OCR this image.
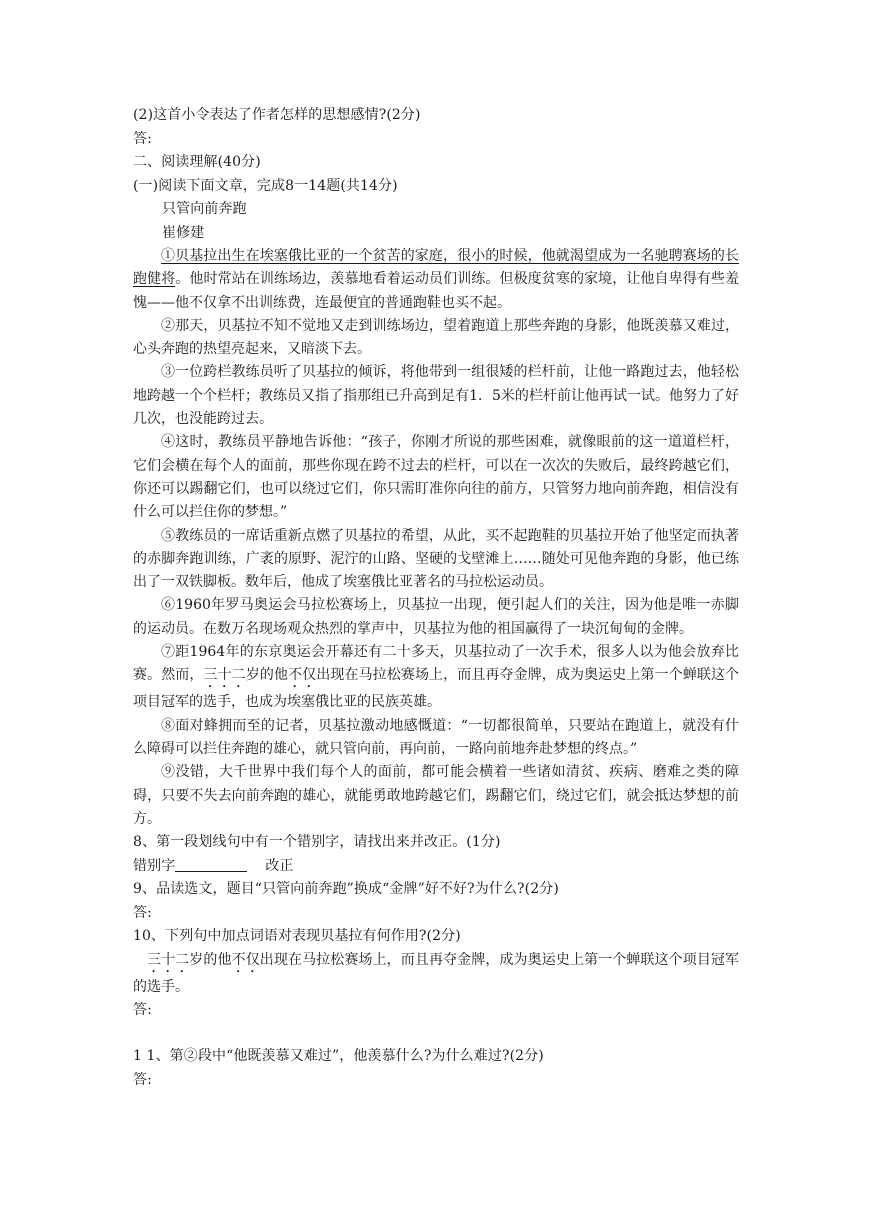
(2)这首小令表达了作者怎样的思想感情?(2分)
答:
二、阅读理解(40分)
(一)阅读下面文章，完成8一14题(共14分)
只管向前奔跑
崔修建
①贝基拉出生在埃塞俄比亚的一个贫苦的家庭，很小的时候，他就渴望成为一名驰聘赛场的长跑健将。他时常站在训练场边，羡慕地看着运动员们训练。但极度贫寒的家境，让他自卑得有些羞愧——他不仅拿不出训练费，连最便宜的普通跑鞋也买不起。
②那天，贝基拉不知不觉地又走到训练场边，望着跑道上那些奔跑的身影，他既羡慕又难过，心头奔跑的热望亮起来，又暗淡下去。
③一位跨栏教练员听了贝基拉的倾诉，将他带到一组很矮的栏杆前，让他一路跑过去，他轻松地跨越一个个栏杆；教练员又指了指那组已升高到足有1．5米的栏杆前让他再试一试。他努力了好几次，也没能跨过去。
④这时，教练员平静地告诉他：“孩子，你刚才所说的那些困难，就像眼前的这一道道栏杆，它们会横在每个人的面前，那些你现在跨不过去的栏杆，可以在一次次的失败后，最终跨越它们，你还可以踢翻它们，也可以绕过它们，你只需盯准你向往的前方，只管努力地向前奔跑，相信没有什么可以拦住你的梦想。”
⑤教练员的一席话重新点燃了贝基拉的希望，从此，买不起跑鞋的贝基拉开始了他坚定而执著的赤脚奔跑训练，广袤的原野、泥泞的山路、坚硬的戈壁滩上……随处可见他奔跑的身影，他已练出了一双铁脚板。数年后，他成了埃塞俄比亚著名的马拉松运动员。
⑥1960年罗马奥运会马拉松赛场上，贝基拉一出现，便引起人们的关注，因为他是唯一赤脚的运动员。在数万名现场观众热烈的掌声中，贝基拉为他的祖国赢得了一块沉甸甸的金牌。
⑦距1964年的东京奥运会开幕还有二十多天，贝基拉动了一次手术，很多人以为他会放弃比赛。然而，三十二岁的他不仅出现在马拉松赛场上，而且再夺金牌，成为奥运史上第一个蝉联这个项目冠军的选手，也成为埃塞俄比亚的民族英雄。
⑧面对蜂拥而至的记者，贝基拉激动地感慨道：“一切都很简单，只要站在跑道上，就没有什么障碍可以拦住奔跑的雄心，就只管向前，再向前，一路向前地奔赴梦想的终点。”
⑨没错，大千世界中我们每个人的面前，都可能会横着一些诸如清贫、疾病、磨难之类的障碍，只要不失去向前奔跑的雄心，就能勇敢地跨越它们，踢翻它们，绕过它们，就会抵达梦想的前方。
8、第一段划线句中有一个错别字，请找出来并改正。(1分)
错别字	改正
9、品读选文，题目“只管向前奔跑”换成“金牌”好不好?为什么?(2分)
答:
10、下列句中加点词语对表现贝基拉有何作用?(2分)
三十二岁的他不仅出现在马拉松赛场上，而且再夺金牌，成为奥运史上第一个蝉联这个项目冠军的选手。
答:
1 1、第②段中“他既羡慕又难过”，他羡慕什么?为什么难过?(2分)
答:
